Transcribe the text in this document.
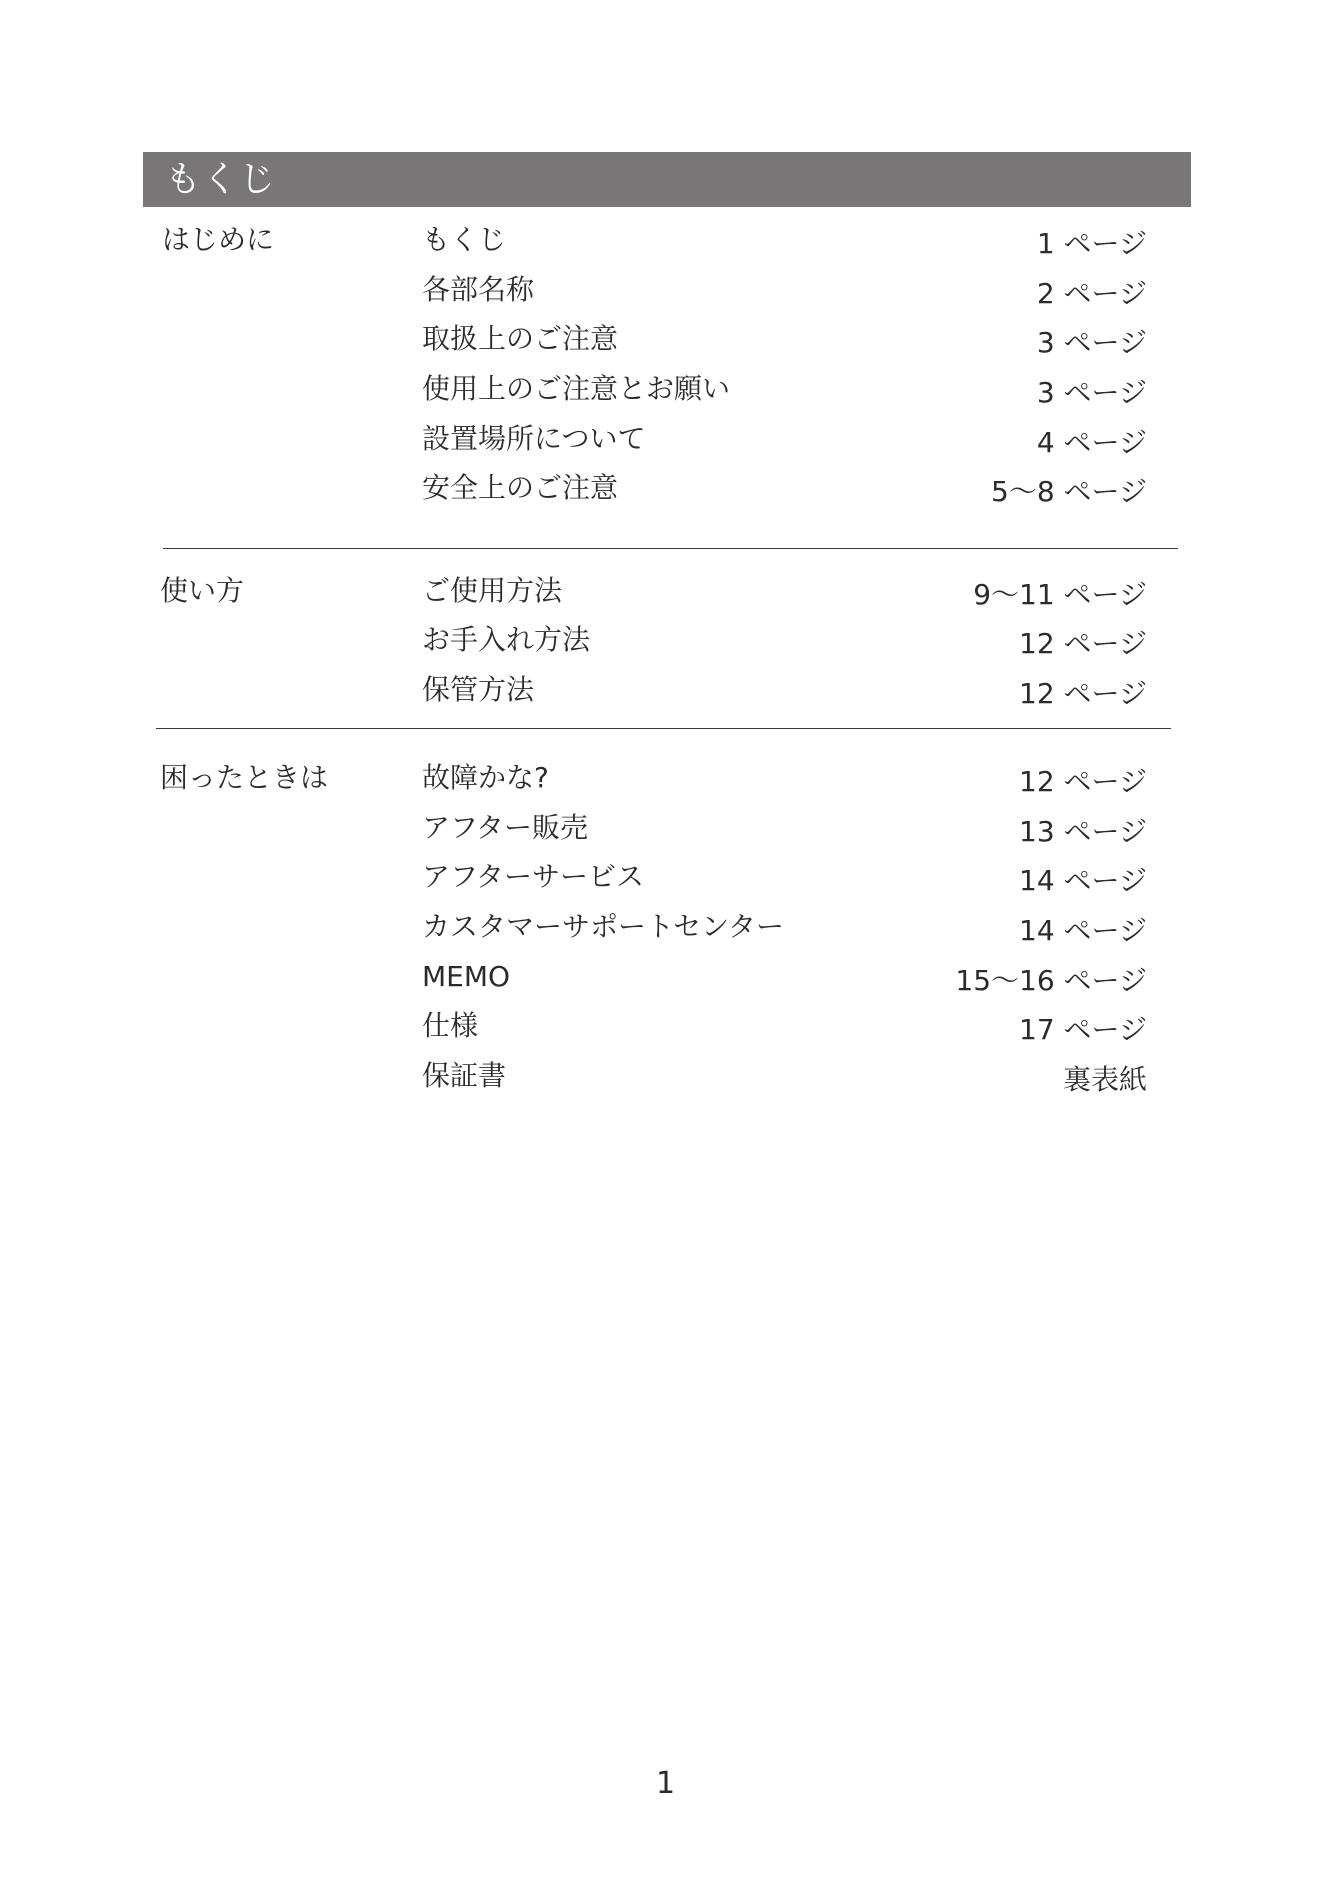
もくじ
はじめに	もくじ	1 ページ
各部名称	2 ページ
取扱上のご注意	3 ページ
使用上のご注意とお願い	3 ページ
設置場所について	4 ページ
安全上のご注意	5～8 ページ
使い方	ご使用方法	9～11 ページ
お手入れ方法	12 ページ
保管方法	12 ページ
困ったときは	故障かな?	12 ページ
アフター販売	13 ページ
アフターサービス	14 ページ
カスタマーサポートセンター	14 ページ
MEMO	15～16 ページ
仕様	17 ページ
保証書	裏表紙
1
